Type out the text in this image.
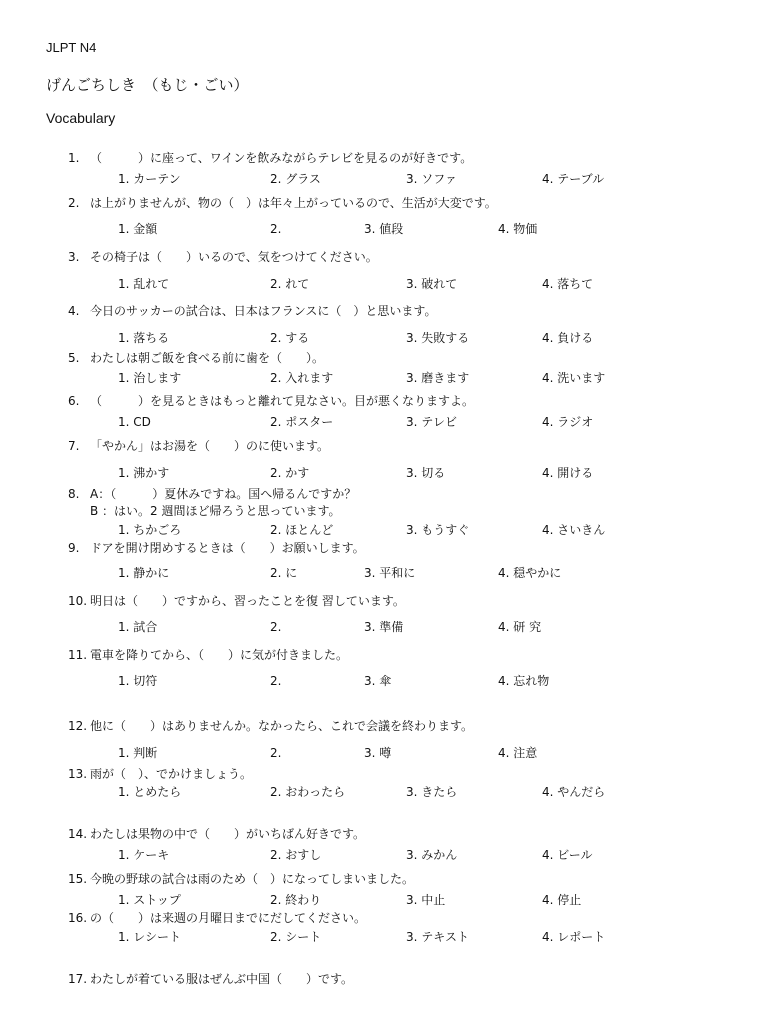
JLPT N4
げんごちしき　（もじ・ごい）
Vocabulary
1. （　　　）に座って、ワインを飲みながらテレビを見るのが好きです。
1. カーテン	2. グラス	3. ソファ	4. テーブル
2. は上がりませんが、物の（　）は年々上がっているので、生活が大変です。
1. 金額	2.	3. 値段	4. 物価
3. その椅子は（　　）いるので、気をつけてください。
1. 乱れて	2. れて	3. 破れて	4. 落ちて
4. 今日のサッカーの試合は、日本はフランスに（　）と思います。
1. 落ちる	2. する	3. 失敗する	4. 負ける
5. わたしは朝ご飯を食べる前に歯を（　　）。
1. 治します	2. 入れます	3. 磨きます	4. 洗います
6. （　　　）を見るときはもっと離れて見なさい。目が悪くなりますよ。
1. CD	2. ポスター	3. テレビ	4. ラジオ
7. 「やかん」はお湯を（　　）のに使います。
1. 沸かす	2. かす	3. 切る	4. 開ける
8. A：（　　　）夏休みですね。国へ帰るんですか？
B ：はい。2 週間ほど帰ろうと思っています。
1. ちかごろ	2. ほとんど	3. もうすぐ	4. さいきん
9. ドアを開け閉めするときは（　　）お願いします。
1. 静かに	2. に	3. 平和に	4. 穏やかに
10. 明日は（　　）ですから、習ったことを復 習しています。
1. 試合	2.	3. 準備	4. 研 究
11. 電車を降りてから、（　　）に気が付きました。
1. 切符	2.	3. 傘	4. 忘れ物
12. 他に（　　）はありませんか。なかったら、これで会議を終わります。
1. 判断	2.	3. 噂	4. 注意
13. 雨が（　）、でかけましょう。
1. とめたら	2. おわったら	3. きたら	4. やんだら
14. わたしは果物の中で（　　）がいちばん好きです。
1. ケーキ	2. おすし	3. みかん	4. ビール
15. 今晩の野球の試合は雨のため（　）になってしまいました。
1. ストップ	2. 終わり	3. 中止	4. 停止
16. の（　　）は来週の月曜日までにだしてください。
1. レシート	2. シート	3. テキスト	4. レポート
17. わたしが着ている服はぜんぶ中国（　　）です。
